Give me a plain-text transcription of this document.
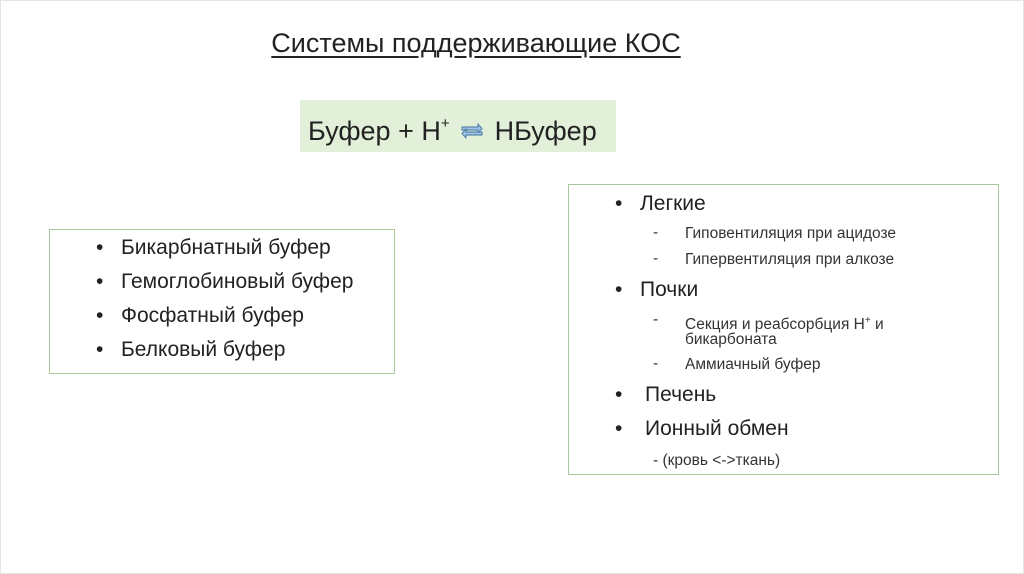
Системы поддерживающие КОС
Буфер + Н+ ⇌ НБуфер
• Бикарбнатный буфер
• Гемоглобиновый буфер
• Фосфатный буфер
• Белковый буфер
• Легкие
- Гиповентиляция при ацидозе
- Гипервентиляция при алкозе
• Почки
- Секция и реабсорбция Н+ и
бикарбоната
- Аммиачный буфер
• Печень
• Ионный обмен
- (кровь <->ткань)
